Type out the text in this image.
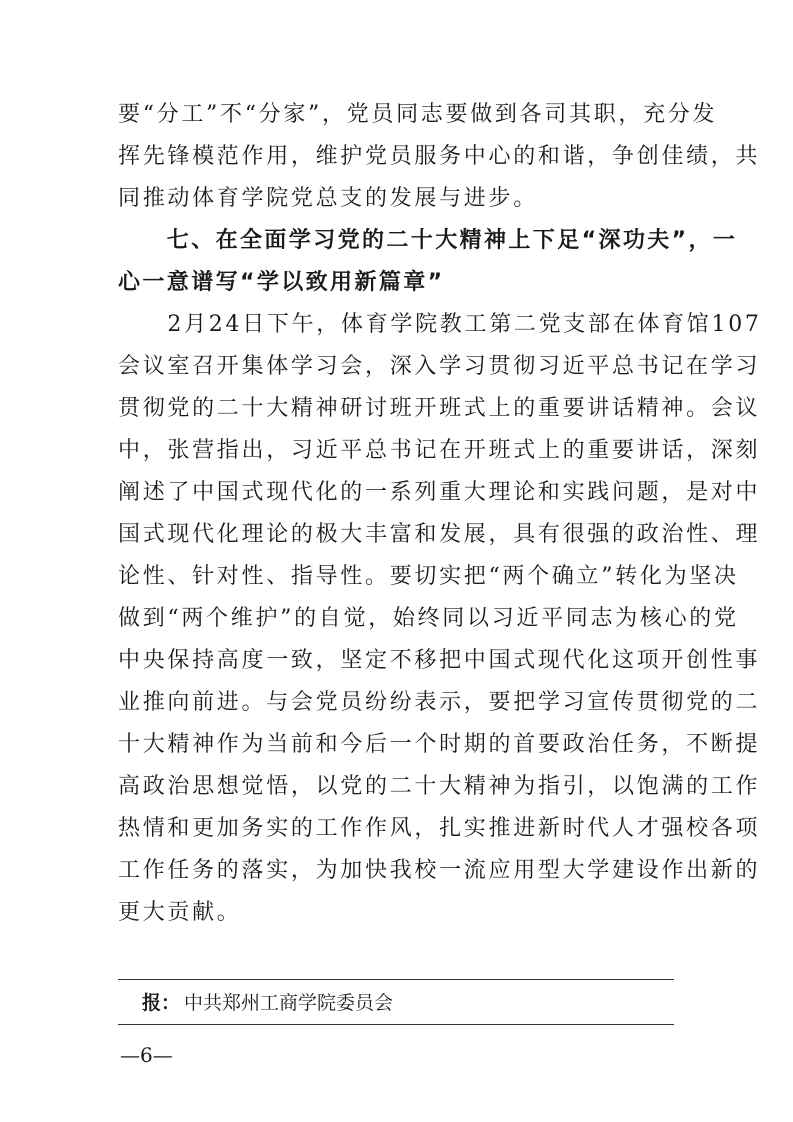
要“分工”不“分家”，党员同志要做到各司其职，充分发
挥先锋模范作用，维护党员服务中心的和谐，争创佳绩，共
同推动体育学院党总支的发展与进步。
　　七、在全面学习党的二十大精神上下足“深功夫”，一
心一意谱写“学以致用新篇章”
　　2月24日下午，体育学院教工第二党支部在体育馆107
会议室召开集体学习会，深入学习贯彻习近平总书记在学习
贯彻党的二十大精神研讨班开班式上的重要讲话精神。会议
中，张营指出，习近平总书记在开班式上的重要讲话，深刻
阐述了中国式现代化的一系列重大理论和实践问题，是对中
国式现代化理论的极大丰富和发展，具有很强的政治性、理
论性、针对性、指导性。要切实把“两个确立”转化为坚决
做到“两个维护”的自觉，始终同以习近平同志为核心的党
中央保持高度一致，坚定不移把中国式现代化这项开创性事
业推向前进。与会党员纷纷表示，要把学习宣传贯彻党的二
十大精神作为当前和今后一个时期的首要政治任务，不断提
高政治思想觉悟，以党的二十大精神为指引，以饱满的工作
热情和更加务实的工作作风，扎实推进新时代人才强校各项
工作任务的落实，为加快我校一流应用型大学建设作出新的
更大贡献。
报： 中共郑州工商学院委员会
—6—
